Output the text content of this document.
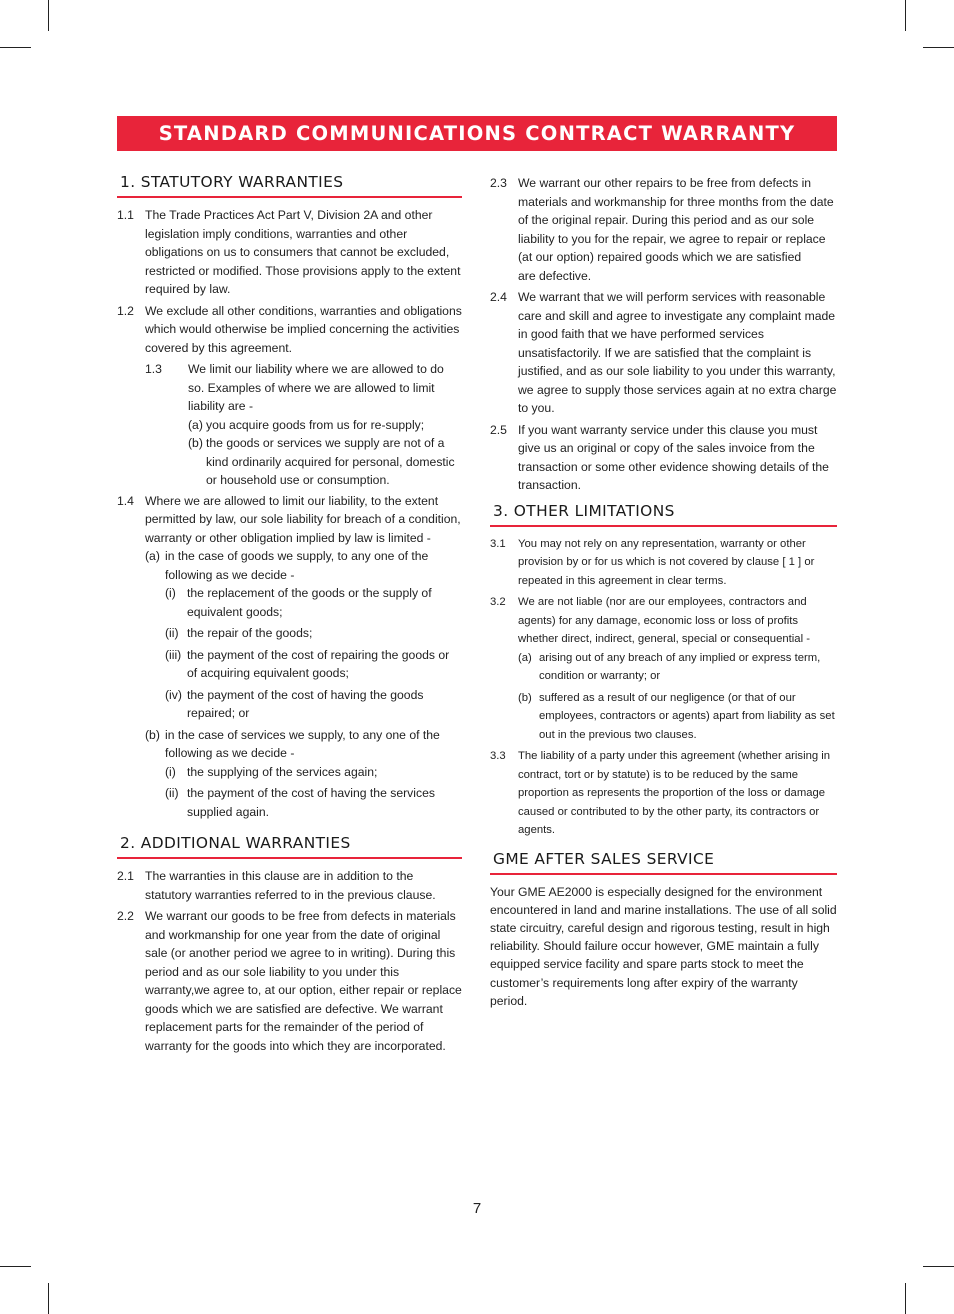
STANDARD COMMUNICATIONS CONTRACT WARRANTY
1. STATUTORY WARRANTIES
1.1 The Trade Practices Act Part V, Division 2A and other legislation imply conditions, warranties and other obligations on us to consumers that cannot be excluded, restricted or modified. Those provisions apply to the extent required by law.
1.2 We exclude all other conditions, warranties and obligations which would otherwise be implied concerning the activities covered by this agreement.
1.3 We limit our liability where we are allowed to do so. Examples of where we are allowed to limit liability are -
(a) you acquire goods from us for re-supply;
(b) the goods or services we supply are not of a kind ordinarily acquired for personal, domestic or household use or consumption.
1.4 Where we are allowed to limit our liability, to the extent permitted by law, our sole liability for breach of a condition, warranty or other obligation implied by law is limited -
(a) in the case of goods we supply, to any one of the following as we decide -
(i) the replacement of the goods or the supply of equivalent goods;
(ii) the repair of the goods;
(iii) the payment of the cost of repairing the goods or of acquiring equivalent goods;
(iv) the payment of the cost of having the goods repaired; or
(b) in the case of services we supply, to any one of the following as we decide -
(i) the supplying of the services again;
(ii) the payment of the cost of having the services supplied again.
2. ADDITIONAL WARRANTIES
2.1 The warranties in this clause are in addition to the statutory warranties referred to in the previous clause.
2.2 We warrant our goods to be free from defects in materials and workmanship for one year from the date of original sale (or another period we agree to in writing). During this period and as our sole liability to you under this warranty,we agree to, at our option, either repair or replace goods which we are satisfied are defective. We warrant replacement parts for the remainder of the period of warranty for the goods into which they are incorporated.
2.3 We warrant our other repairs to be free from defects in materials and workmanship for three months from the date of the original repair. During this period and as our sole liability to you for the repair, we agree to repair or replace (at our option) repaired goods which we are satisfied
are defective.
2.4 We warrant that we will perform services with reasonable care and skill and agree to investigate any complaint made in good faith that we have performed services unsatisfactorily. If we are satisfied that the complaint is justified, and as our sole liability to you under this warranty, we agree to supply those services again at no extra charge to you.
2.5 If you want warranty service under this clause you must give us an original or copy of the sales invoice from the transaction or some other evidence showing details of the transaction.
3. OTHER LIMITATIONS
3.1 You may not rely on any representation, warranty or other provision by or for us which is not covered by clause [ 1 ] or repeated in this agreement in clear terms.
3.2 We are not liable (nor are our employees, contractors and agents) for any damage, economic loss or loss of profits whether direct, indirect, general, special or consequential -
(a) arising out of any breach of any implied or express term, condition or warranty; or
(b) suffered as a result of our negligence (or that of our employees, contractors or agents) apart from liability as set out in the previous two clauses.
3.3 The liability of a party under this agreement (whether arising in contract, tort or by statute) is to be reduced by the same proportion as represents the proportion of the loss or damage caused or contributed to by the other party, its contractors or agents.
GME AFTER SALES SERVICE
Your GME AE2000 is especially designed for the environment encountered in land and marine installations. The use of all solid state circuitry, careful design and rigorous testing, result in high reliability. Should failure occur however, GME maintain a fully equipped service facility and spare parts stock to meet the customer’s requirements long after expiry of the warranty period.
7
